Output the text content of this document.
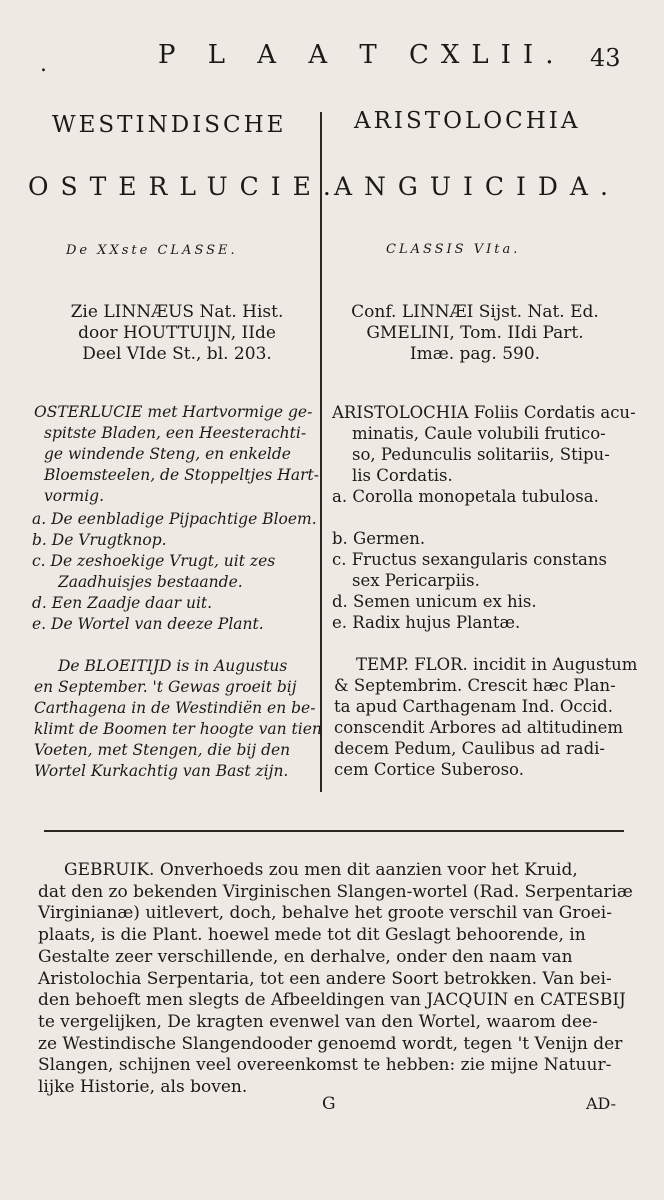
.	P L A A T CXLII. 43
WESTINDISCHE
OSTERLUCIE.
De XXste CLASSE.
Zie LINNÆUS Nat. Hist.
door HOUTTUIJN, IIde
Deel VIde St., bl. 203.
OSTERLUCIE met Hartvormige ge-
spitste Bladen, een Heesterachti-
ge windende Steng, en enkelde
Bloemsteelen, de Stoppeltjes Hart-
vormig.
a. De eenbladige Pijpachtige Bloem.
b. De Vrugtknop.
c. De zeshoekige Vrugt, uit zes
Zaadhuisjes bestaande.
d. Een Zaadje daar uit.
e. De Wortel van deeze Plant.
De BLOEITIJD is in Augustus
en September. 't Gewas groeit bij
Carthagena in de Westindiën en be-
klimt de Boomen ter hoogte van tien
Voeten, met Stengen, die bij den
Wortel Kurkachtig van Bast zijn.
ARISTOLOCHIA
ANGUICIDA.
CLASSIS VIta.
Conf. LINNÆI Sijst. Nat. Ed.
GMELINI, Tom. IIdi Part.
Imæ. pag. 590.
ARISTOLOCHIA Foliis Cordatis acu-
minatis, Caule volubili frutico-
so, Pedunculis solitariis, Stipu-
lis Cordatis.
a. Corolla monopetala tubulosa.
b. Germen.
c. Fructus sexangularis constans
sex Pericarpiis.
d. Semen unicum ex his.
e. Radix hujus Plantæ.
TEMP. FLOR. incidit in Augustum
& Septembrim. Crescit hæc Plan-
ta apud Carthagenam Ind. Occid.
conscendit Arbores ad altitudinem
decem Pedum, Caulibus ad radi-
cem Cortice Suberoso.
GEBRUIK. Onverhoeds zou men dit aanzien voor het Kruid,
dat den zo bekenden Virginischen Slangen-wortel (Rad. Serpentariæ
Virginianæ) uitlevert, doch, behalve het groote verschil van Groei-
plaats, is die Plant. hoewel mede tot dit Geslagt behoorende, in
Gestalte zeer verschillende, en derhalve, onder den naam van
Aristolochia Serpentaria, tot een andere Soort betrokken. Van bei-
den behoeft men slegts de Afbeeldingen van JACQUIN en CATESBIJ
te vergelijken, De kragten evenwel van den Wortel, waarom dee-
ze Westindische Slangendooder genoemd wordt, tegen 't Venijn der
Slangen, schijnen veel overeenkomst te hebben: zie mijne Natuur-
lijke Historie, als boven.
G	AD-
